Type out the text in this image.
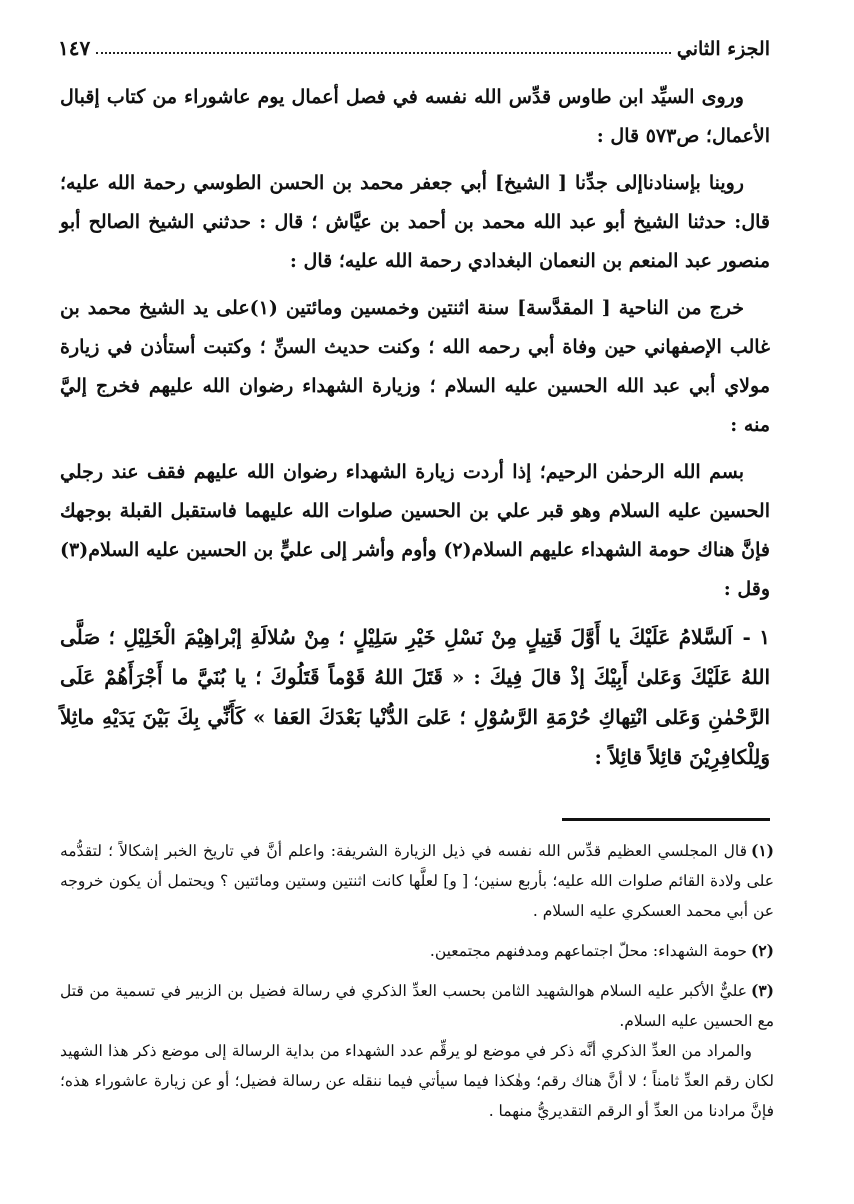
الجزء الثاني
١٤٧

وروى السيِّد ابن طاوس قدِّس الله نفسه في فصل أعمال يوم عاشوراء من كتاب إقبال الأعمال؛ ص٥٧٣ قال :

روينا بإسنادناإلى جدِّنا [ الشيخ] أبي جعفر محمد بن الحسن الطوسي رحمة الله عليه؛ قال: حدثنا الشيخ أبو عبد الله محمد بن أحمد بن عيَّاش ؛ قال : حدثني الشيخ الصالح أبو منصور عبد المنعم بن النعمان البغدادي رحمة الله عليه؛ قال :

خرج من الناحية [ المقدَّسة] سنة اثنتين وخمسين ومائتين (١)على يد الشيخ محمد بن غالب الإصفهاني حين وفاة أبي رحمه الله ؛ وكنت حديث السنِّ ؛ وكتبت أستأذن في زيارة مولاي أبي عبد الله الحسين عليه السلام ؛ وزيارة الشهداء رضوان الله عليهم فخرج إليَّ منه :

بسم الله الرحمٰن الرحيم؛ إذا أردت زيارة الشهداء رضوان الله عليهم فقف عند رجلي الحسين عليه السلام وهو قبر علي بن الحسين صلوات الله عليهما فاستقبل القبلة بوجهك فإنَّ هناك حومة الشهداء عليهم السلام(٢) وأوم وأشر إلى عليٍّ بن الحسين عليه السلام(٣) وقل :

١ -اَلسَّلامُ عَلَيْكَ يا أَوَّلَ قَتِيلٍ مِنْ نَسْلِ خَيْرِ سَلِيْلٍ ؛ مِنْ سُلالَةِ إبْراهِيْمَ الْخَلِيْلِ ؛ صَلَّى اللهُ عَلَيْكَ وَعَلىٰ أَبِيْكَ إذْ قالَ فِيكَ : « قَتَلَ اللهُ قَوْماً قَتَلُوكَ ؛ يا بُنَيَّ ما أَجْرَأَهُمْ عَلَى الرَّحْمٰنِ وَعَلى انْتِهاكِ حُرْمَةِ الرَّسُوْلِ ؛ عَلىَ الدُّنْيا بَعْدَكَ العَفا » كَأَنِّي بِكَ بَيْنَ يَدَيْهِ ماثِلاً وَلِلْكافِرِيْنَ قائِلاً قائِلاً :

(١)قال المجلسي العظيم قدِّس الله نفسه في ذيل الزيارة الشريفة: واعلم أنَّ في تاريخ الخبر إشكالاً ؛ لتقدُّمه على ولادة القائم صلوات الله عليه؛ بأربع سنين؛ [ و] لعلَّها كانت اثنتين وستين ومائتين ؟ ويحتمل أن يكون خروجه عن أبي محمد العسكري عليه السلام .

(٢)حومة الشهداء: محلّ اجتماعهم ومدفنهم مجتمعين.

(٣)عليٌّ الأكبر عليه السلام هوالشهيد الثامن بحسب العدِّ الذكري في رسالة فضيل بن الزبير في تسمية من قتل مع الحسين عليه السلام.

والمراد من العدِّ الذكري أنَّه ذكر في موضع لو يرقِّم عدد الشهداء من بداية الرسالة إلى موضع ذكر هذا الشهيد لكان رقم العدِّ ثامناً ؛ لا أنَّ هناك رقم؛ وهٰكذا فيما سيأتي فيما ننقله عن رسالة فضيل؛ أو عن زيارة عاشوراء هذه؛ فإنَّ مرادنا من العدِّ أو الرقم التقديريُّ منهما .
